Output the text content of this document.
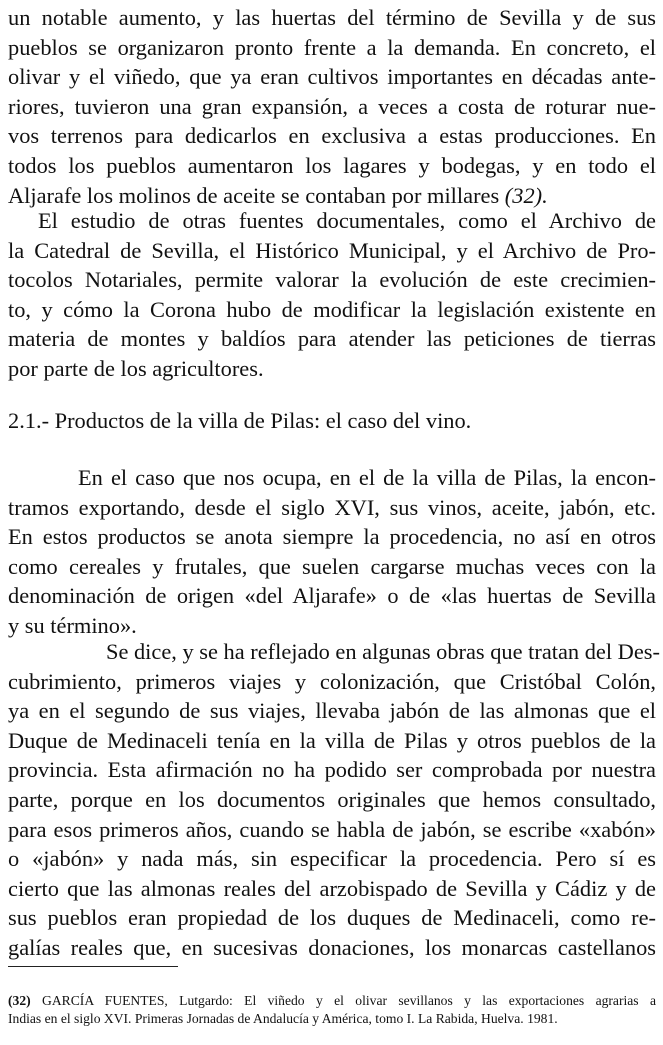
un notable aumento, y las huertas del término de Sevilla y de sus
pueblos se organizaron pronto frente a la demanda. En concreto, el
olivar y el viñedo, que ya eran cultivos importantes en décadas ante-
riores, tuvieron una gran expansión, a veces a costa de roturar nue-
vos terrenos para dedicarlos en exclusiva a estas producciones. En
todos los pueblos aumentaron los lagares y bodegas, y en todo el
Aljarafe los molinos de aceite se contaban por millares (32).

El estudio de otras fuentes documentales, como el Archivo de
la Catedral de Sevilla, el Histórico Municipal, y el Archivo de Pro-
tocolos Notariales, permite valorar la evolución de este crecimien-
to, y cómo la Corona hubo de modificar la legislación existente en
materia de montes y baldíos para atender las peticiones de tierras
por parte de los agricultores.

2.1.- Productos de la villa de Pilas: el caso del vino.

En el caso que nos ocupa, en el de la villa de Pilas, la encon-
tramos exportando, desde el siglo XVI, sus vinos, aceite, jabón, etc.
En estos productos se anota siempre la procedencia, no así en otros
como cereales y frutales, que suelen cargarse muchas veces con la
denominación de origen «del Aljarafe» o de «las huertas de Sevilla
y su término».

Se dice, y se ha reflejado en algunas obras que tratan del Des-
cubrimiento, primeros viajes y colonización, que Cristóbal Colón,
ya en el segundo de sus viajes, llevaba jabón de las almonas que el
Duque de Medinaceli tenía en la villa de Pilas y otros pueblos de la
provincia. Esta afirmación no ha podido ser comprobada por nuestra
parte, porque en los documentos originales que hemos consultado,
para esos primeros años, cuando se habla de jabón, se escribe «xabón»
o «jabón» y nada más, sin especificar la procedencia. Pero sí es
cierto que las almonas reales del arzobispado de Sevilla y Cádiz y de
sus pueblos eran propiedad de los duques de Medinaceli, como re-
galías reales que, en sucesivas donaciones, los monarcas castellanos

(32) GARCÍA FUENTES, Lutgardo: El viñedo y el olivar sevillanos y las exportaciones agrarias a
Indias en el siglo XVI. Primeras Jornadas de Andalucía y América, tomo I. La Rabida, Huelva. 1981.
